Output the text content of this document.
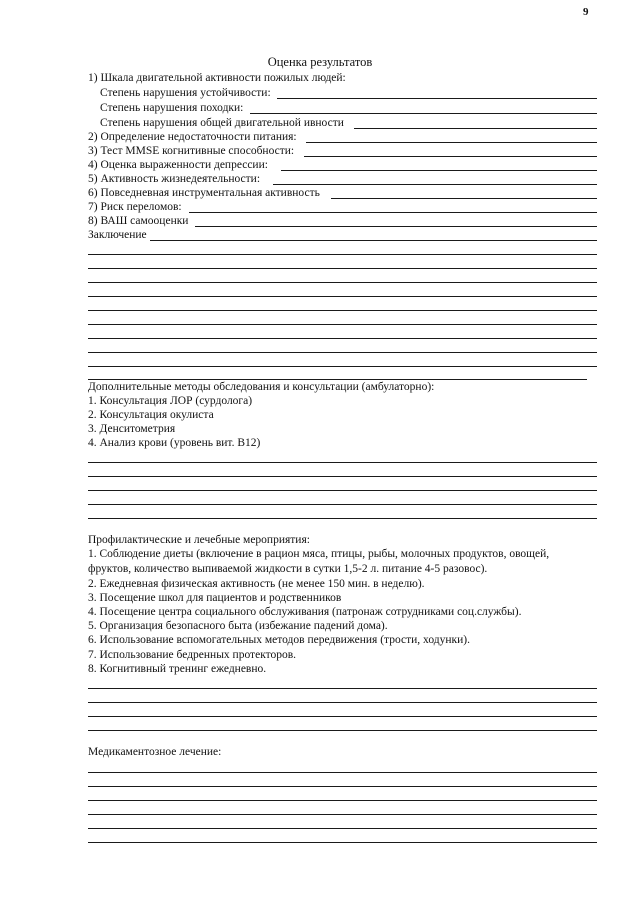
9
Оценка результатов
1) Шкала двигательной активности пожилых людей:
Степень нарушения устойчивости:
Степень нарушения походки:
Степень нарушения общей двигательной ивности
2) Определение недостаточности питания:
3) Тест MMSE когнитивные способности:
4) Оценка выраженности депрессии:
5) Активность жизнедеятельности:
6) Повседневная инструментальная активность
7) Риск переломов:
8) ВАШ самооценки
Заключение
Дополнительные методы обследования и консультации (амбулаторно):
1. Консультация ЛОР (сурдолога)
2. Консультация окулиста
3. Денситометрия
4. Анализ крови (уровень вит. В12)
Профилактические и лечебные мероприятия:
1. Соблюдение диеты (включение в рацион мяса, птицы, рыбы, молочных продуктов, овощей,
фруктов, количество выпиваемой жидкости в сутки 1,5-2 л. питание 4-5 разовос).
2. Ежедневная физическая активность (не менее 150 мин. в неделю).
3. Посещение школ для пациентов и родственников
4. Посещение центра социального обслуживания (патронаж сотрудниками соц.службы).
5. Организация безопасного быта (избежание падений дома).
6. Использование вспомогательных методов передвижения (трости, ходунки).
7. Использование бедренных протекторов.
8. Когнитивный тренинг ежедневно.
Медикаментозное лечение:
